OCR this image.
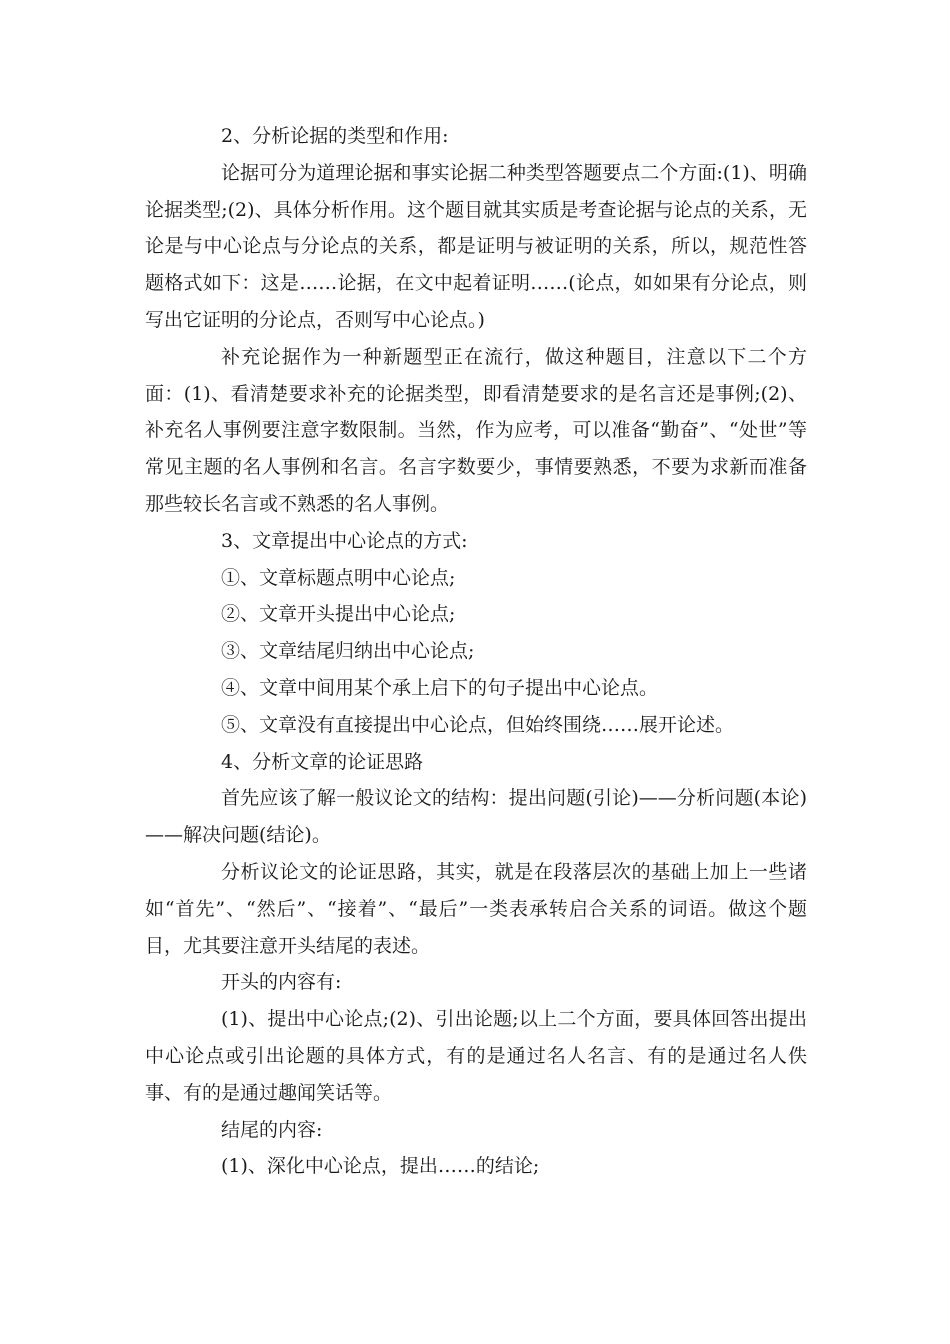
2、分析论据的类型和作用:

论据可分为道理论据和事实论据二种类型答题要点二个方面:(1)、明确论据类型;(2)、具体分析作用。这个题目就其实质是考查论据与论点的关系，无论是与中心论点与分论点的关系，都是证明与被证明的关系，所以，规范性答题格式如下：这是……论据，在文中起着证明……(论点，如如果有分论点，则写出它证明的分论点，否则写中心论点。)

补充论据作为一种新题型正在流行，做这种题目，注意以下二个方面：(1)、看清楚要求补充的论据类型，即看清楚要求的是名言还是事例;(2)、补充名人事例要注意字数限制。当然，作为应考，可以准备“勤奋”、“处世”等常见主题的名人事例和名言。名言字数要少，事情要熟悉，不要为求新而准备那些较长名言或不熟悉的名人事例。

3、文章提出中心论点的方式:

①、文章标题点明中心论点;

②、文章开头提出中心论点;

③、文章结尾归纳出中心论点;

④、文章中间用某个承上启下的句子提出中心论点。

⑤、文章没有直接提出中心论点，但始终围绕……展开论述。

4、分析文章的论证思路

首先应该了解一般议论文的结构：提出问题(引论)——分析问题(本论)——解决问题(结论)。

分析议论文的论证思路，其实，就是在段落层次的基础上加上一些诸如“首先”、“然后”、“接着”、“最后”一类表承转启合关系的词语。做这个题目，尤其要注意开头结尾的表述。

开头的内容有:

(1)、提出中心论点;(2)、引出论题;以上二个方面，要具体回答出提出中心论点或引出论题的具体方式，有的是通过名人名言、有的是通过名人佚事、有的是通过趣闻笑话等。

结尾的内容:

(1)、深化中心论点，提出……的结论;
